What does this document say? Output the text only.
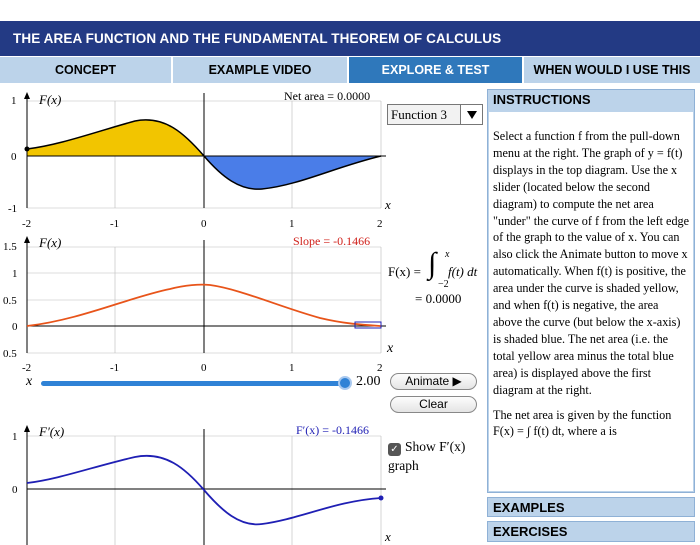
THE AREA FUNCTION AND THE FUNDAMENTAL THEOREM OF CALCULUS
CONCEPT	EXAMPLE VIDEO	EXPLORE & TEST	WHEN WOULD I USE THIS
F(x)	Net area = 0.0000
1
0
-1
-2	-1	0	1	2
x
F(x)	Slope = -0.1466
1.5
1
0.5
0
0.5
-2	-1	0	1	2
x
F′(x)	F′(x) = -0.1466
1
0
x
Function 3
F(x) = ∫ x
−2
f(t) dt
= 0.0000
x	2.00	Animate ▶
Clear
✓ Show F′(x) graph
INSTRUCTIONS

Select a function f from the pull-down menu at the right. The graph of y = f(t) displays in the top diagram. Use the x slider (located below the second diagram) to compute the net area "under" the curve of f from the left edge of the graph to the value of x. You can also click the Animate button to move x automatically. When f(t) is positive, the area under the curve is shaded yellow, and when f(t) is negative, the area above the curve (but below the x-axis) is shaded blue. The net area (i.e. the total yellow area minus the total blue area) is displayed above the first diagram at the right.

The net area is given by the function F(x) = ∫ f(t) dt, where a is

EXAMPLES
EXERCISES
